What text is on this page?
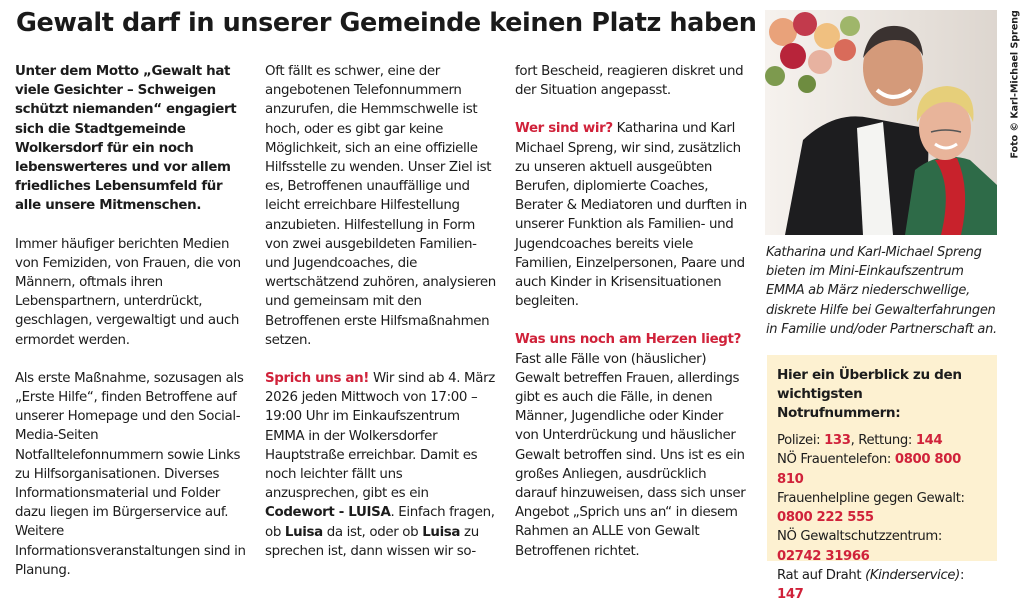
Gewalt darf in unserer Gemeinde keinen Platz haben

Unter dem Motto „Gewalt hat viele Gesichter – Schweigen schützt niemanden“ engagiert sich die Stadtgemeinde Wolkersdorf für ein noch lebenswerteres und vor allem friedliches Lebensumfeld für alle unsere Mitmenschen.

Immer häufiger berichten Medien von Femiziden, von Frauen, die von Männern, oftmals ihren Lebenspartnern, unterdrückt, geschlagen, vergewaltigt und auch ermordet werden.

Als erste Maßnahme, sozusagen als „Erste Hilfe“, finden Betroffene auf unserer Homepage und den Social-Media-Seiten Notfalltelefonnummern sowie Links zu Hilfsorganisationen. Diverses Informationsmaterial und Folder dazu liegen im Bürgerservice auf. Weitere Informationsveranstaltungen sind in Planung.

Oft fällt es schwer, eine der angebotenen Telefonnummern anzurufen, die Hemmschwelle ist hoch, oder es gibt gar keine Möglichkeit, sich an eine offizielle Hilfsstelle zu wenden. Unser Ziel ist es, Betroffenen unauffällige und leicht erreichbare Hilfestellung anzubieten. Hilfestellung in Form von zwei ausgebildeten Familien- und Jugendcoaches, die wertschätzend zuhören, analysieren und gemeinsam mit den Betroffenen erste Hilfsmaßnahmen setzen.

Sprich uns an! Wir sind ab 4. März 2026 jeden Mittwoch von 17:00 – 19:00 Uhr im Einkaufszentrum EMMA in der Wolkersdorfer Hauptstraße erreichbar. Damit es noch leichter fällt uns anzusprechen, gibt es ein Codewort - LUISA. Einfach fragen, ob Luisa da ist, oder ob Luisa zu sprechen ist, dann wissen wir so-

fort Bescheid, reagieren diskret und der Situation angepasst.

Wer sind wir? Katharina und Karl Michael Spreng, wir sind, zusätzlich zu unseren aktuell ausgeübten Berufen, diplomierte Coaches, Berater & Mediatoren und durften in unserer Funktion als Familien- und Jugendcoaches bereits viele Familien, Einzelpersonen, Paare und auch Kinder in Krisensituationen begleiten.

Was uns noch am Herzen liegt?
Fast alle Fälle von (häuslicher) Gewalt betreffen Frauen, allerdings gibt es auch die Fälle, in denen Männer, Jugendliche oder Kinder von Unterdrückung und häuslicher Gewalt betroffen sind. Uns ist es ein großes Anliegen, ausdrücklich darauf hinzuweisen, dass sich unser Angebot „Sprich uns an“ in diesem Rahmen an ALLE von Gewalt Betroffenen richtet.

Foto © Karl-Michael Spreng
Katharina und Karl-Michael Spreng bieten im Mini-Einkaufszentrum EMMA ab März niederschwellige, diskrete Hilfe bei Gewalterfahrungen in Familie und/oder Partnerschaft an.
Hier ein Überblick zu den wichtigsten Notrufnummern:
Polizei: 133, Rettung: 144
NÖ Frauentelefon: 0800 800 810
Frauenhelpline gegen Gewalt:
0800 222 555
NÖ Gewaltschutzzentrum:
02742 31966
Rat auf Draht (Kinderservice): 147
